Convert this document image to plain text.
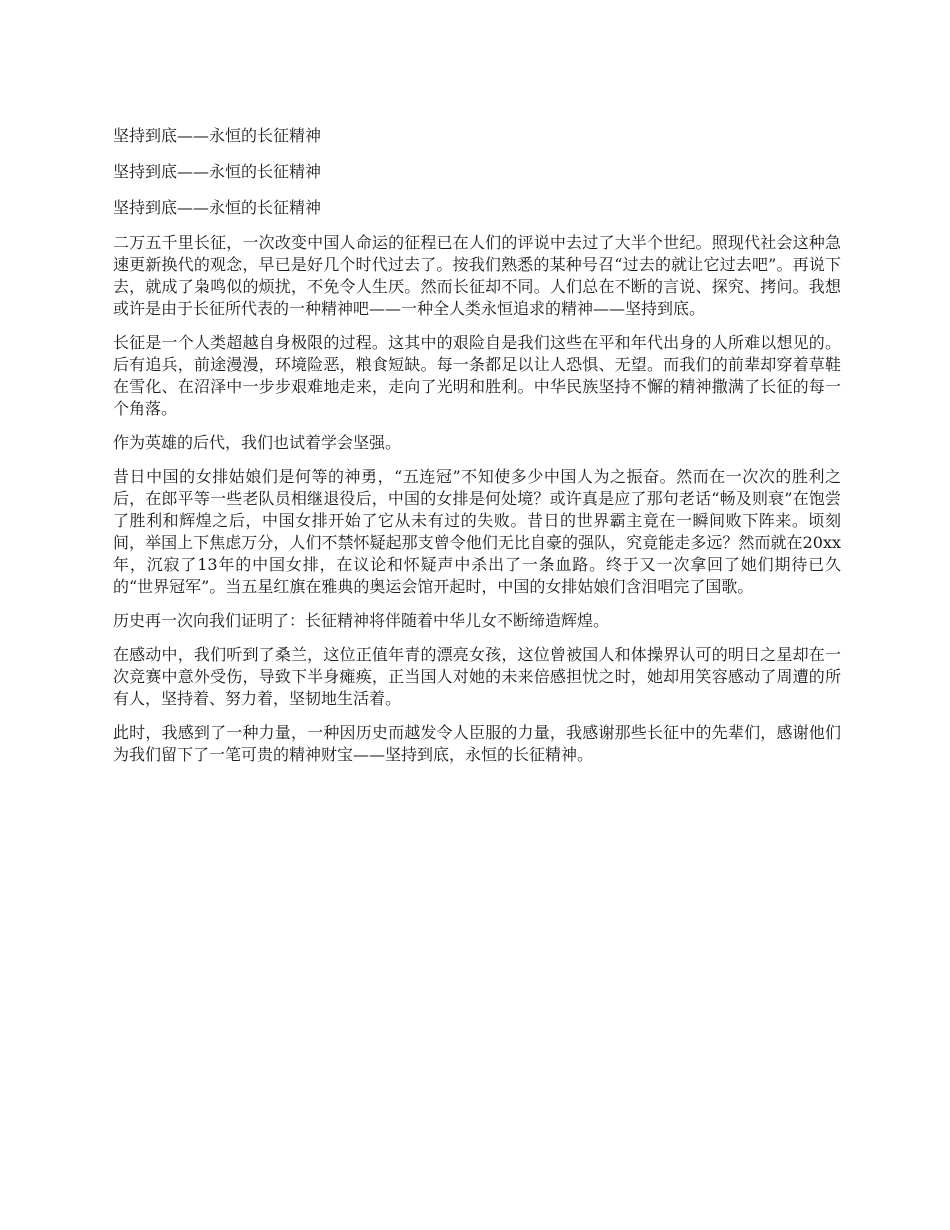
坚持到底——永恒的长征精神
坚持到底——永恒的长征精神
坚持到底——永恒的长征精神

二万五千里长征，一次改变中国人命运的征程已在人们的评说中去过了大半个世纪。照现代社会这种急速更新换代的观念，早已是好几个时代过去了。按我们熟悉的某种号召“过去的就让它过去吧”。再说下去，就成了枭鸣似的烦扰，不免令人生厌。然而长征却不同。人们总在不断的言说、探究、拷问。我想或许是由于长征所代表的一种精神吧——一种全人类永恒追求的精神——坚持到底。

长征是一个人类超越自身极限的过程。这其中的艰险自是我们这些在平和年代出身的人所难以想见的。后有追兵，前途漫漫，环境险恶，粮食短缺。每一条都足以让人恐惧、无望。而我们的前辈却穿着草鞋在雪化、在沼泽中一步步艰难地走来，走向了光明和胜利。中华民族坚持不懈的精神撒满了长征的每一个角落。

作为英雄的后代，我们也试着学会坚强。

昔日中国的女排姑娘们是何等的神勇，“五连冠”不知使多少中国人为之振奋。然而在一次次的胜利之后，在郎平等一些老队员相继退役后，中国的女排是何处境？或许真是应了那句老话“畅及则衰”在饱尝了胜利和辉煌之后，中国女排开始了它从未有过的失败。昔日的世界霸主竟在一瞬间败下阵来。顷刻间，举国上下焦虑万分，人们不禁怀疑起那支曾令他们无比自豪的强队，究竟能走多远？然而就在20xx年，沉寂了13年的中国女排，在议论和怀疑声中杀出了一条血路。终于又一次拿回了她们期待已久的“世界冠军”。当五星红旗在雅典的奥运会馆开起时，中国的女排姑娘们含泪唱完了国歌。

历史再一次向我们证明了：长征精神将伴随着中华儿女不断缔造辉煌。

在感动中，我们听到了桑兰，这位正值年青的漂亮女孩，这位曾被国人和体操界认可的明日之星却在一次竞赛中意外受伤，导致下半身瘫痪，正当国人对她的未来倍感担忧之时，她却用笑容感动了周遭的所有人，坚持着、努力着，坚韧地生活着。

此时，我感到了一种力量，一种因历史而越发令人臣服的力量，我感谢那些长征中的先辈们，感谢他们为我们留下了一笔可贵的精神财宝——坚持到底，永恒的长征精神。
